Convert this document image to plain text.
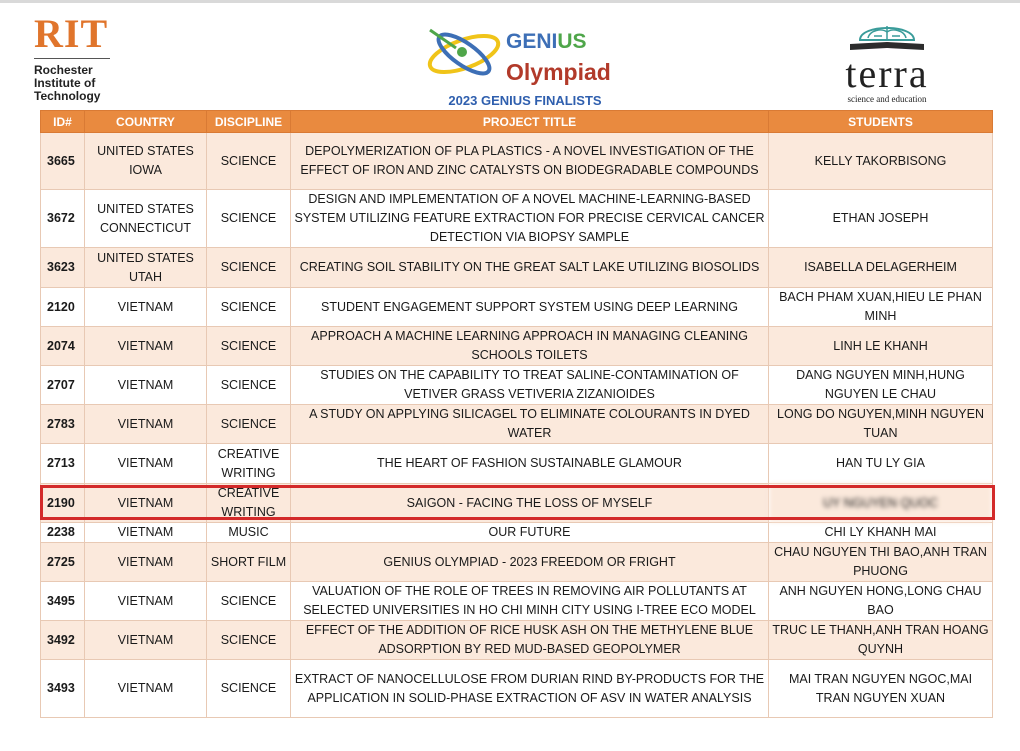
RIT
Rochester
Institute of
Technology
GENIUS
Olympiad
2023 GENIUS FINALISTS
terra
science and education
ID#	COUNTRY	DISCIPLINE	PROJECT TITLE	STUDENTS
3665	UNITED STATES
IOWA	SCIENCE	DEPOLYMERIZATION OF PLA PLASTICS - A NOVEL INVESTIGATION OF THE EFFECT OF IRON AND ZINC CATALYSTS ON BIODEGRADABLE COMPOUNDS	KELLY TAKORBISONG
3672	UNITED STATES
CONNECTICUT	SCIENCE	DESIGN AND IMPLEMENTATION OF A NOVEL MACHINE-LEARNING-BASED SYSTEM UTILIZING FEATURE EXTRACTION FOR PRECISE CERVICAL CANCER DETECTION VIA BIOPSY SAMPLE	ETHAN JOSEPH
3623	UNITED STATES
UTAH	SCIENCE	CREATING SOIL STABILITY ON THE GREAT SALT LAKE UTILIZING BIOSOLIDS	ISABELLA DELAGERHEIM
2120	VIETNAM	SCIENCE	STUDENT ENGAGEMENT SUPPORT SYSTEM USING DEEP LEARNING	BACH PHAM XUAN,HIEU LE PHAN MINH
2074	VIETNAM	SCIENCE	APPROACH A MACHINE LEARNING APPROACH IN MANAGING CLEANING SCHOOLS TOILETS	LINH LE KHANH
2707	VIETNAM	SCIENCE	STUDIES ON THE CAPABILITY TO TREAT SALINE-CONTAMINATION OF VETIVER GRASS VETIVERIA ZIZANIOIDES	DANG NGUYEN MINH,HUNG NGUYEN LE CHAU
2783	VIETNAM	SCIENCE	A STUDY ON APPLYING SILICAGEL TO ELIMINATE COLOURANTS IN DYED WATER	LONG DO NGUYEN,MINH NGUYEN TUAN
2713	VIETNAM	CREATIVE
WRITING	THE HEART OF FASHION SUSTAINABLE GLAMOUR	HAN TU LY GIA
2190	VIETNAM	CREATIVE
WRITING	SAIGON - FACING THE LOSS OF MYSELF	UY NGUYEN QUOC
2238	VIETNAM	MUSIC	OUR FUTURE	CHI LY KHANH MAI
2725	VIETNAM	SHORT FILM	GENIUS OLYMPIAD - 2023 FREEDOM OR FRIGHT	CHAU NGUYEN THI BAO,ANH TRAN PHUONG
3495	VIETNAM	SCIENCE	VALUATION OF THE ROLE OF TREES IN REMOVING AIR POLLUTANTS AT SELECTED UNIVERSITIES IN HO CHI MINH CITY USING I-TREE ECO MODEL	ANH NGUYEN HONG,LONG CHAU BAO
3492	VIETNAM	SCIENCE	EFFECT OF THE ADDITION OF RICE HUSK ASH ON THE METHYLENE BLUE ADSORPTION BY RED MUD-BASED GEOPOLYMER	TRUC LE THANH,ANH TRAN HOANG QUYNH
3493	VIETNAM	SCIENCE	EXTRACT OF NANOCELLULOSE FROM DURIAN RIND BY-PRODUCTS FOR THE APPLICATION IN SOLID-PHASE EXTRACTION OF ASV IN WATER ANALYSIS	MAI TRAN NGUYEN NGOC,MAI TRAN NGUYEN XUAN
